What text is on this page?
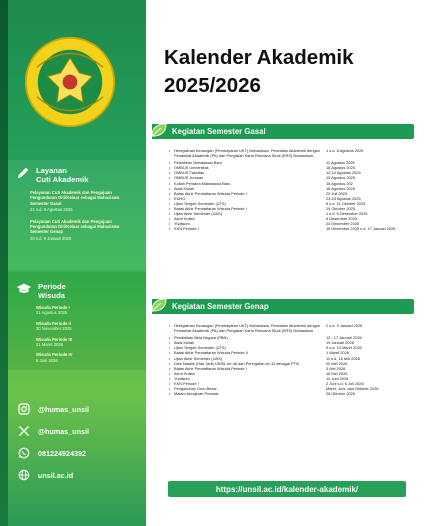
Layanan
Cuti Akademik
Pelayanan Cuti Akademik dan Pengajuan Pengunduran Diri/Keluar sebagai Mahasiswa Semester Gasal
21 s.d. 8 Agustus 2025
Pelayanan Cuti Akademik dan Pengajuan Pengunduran Diri/Keluar sebagai Mahasiswa Semester Genap
20 s.d. 9 Januari 2026
Periode
Wisuda
Wisuda Periode I
21 Agustus 2025
Wisuda Periode II
30 November 2025
Wisuda Periode III
21 Maret 2026
Wisuda Periode IV
6 Juni 2026
@humas_unsil
@humas_unsil
081224924392
unsil.ac.id
Kalender Akademik
2025/2026
Kegiatan Semester Gasal
• Heregistrasi Keuangan (Pembayaran UKT) Mahasiswa, Perwalian Akademik dengan Penasihat Akademik (PA) dan Pengisian Kartu Rencana Studi (KRS) Mahasiswa
1 s.d. 8 Agustus 2025
• Pelantikan Mahasiswa Baru	11 Agustus 2025
• OMBUS Universitas	18 Agustus 2025
• OMBUS Fakultas	12-14 Agustus 2025
• OMBUS Jurusan	15 Agustus 2025
• Kuliah Perdana Mahasiswa Baru	16 Agustus 202
• Awal Kuliah	18 Agustus 2025
• Batas Akhir Pendaftaran Wisuda Periode I	20 Juli 2025
• EDHO	23-24 Agustus 2025
• Ujian Tengah Semester (UTS)	6 s.d. 11 Oktober 2025
• Batas Akhir Pendaftaran Wisuda Periode I	19 Oktober 2025
• Ujian Akhir Semester (UAS)	1 s.d. 6 Desember 2025
• Akhir Kuliah	6 Desember 2025
• Yudisium	24 Desember 2025
• KKN Periode I	18 Desember 2025 s.d. 17 Januari 2026
Kegiatan Semester Genap
• Heregistrasi Keuangan (Pembayaran UKT) Mahasiswa, Perwalian Akademik dengan Penasihat Akademik (PA) dan Pengisian Kartu Rencana Studi (KRS) Mahasiswa
2 s.d. 9 Januari 2026
• Pendidikan Bela Negara (PBN)	12 - 17 Januari 2026
• Awal Kuliah	19 Januari 2026
• Ujian Tengah Semester (UTS)	9 s.d. 14 Maret 2026
• Batas Akhir Pendaftaran Wisuda Periode II	1 Maret 2026
• Ujian Akhir Semester (UAS)	11 s.d. 16 Mei 2026
• Dies Natalis (Hari Jadi) UNSIL ke-48 dan Peringatan ke-13 sebagai PTN	20 Mei 2026
• Batas Akhir Pendaftaran Wisuda Periode I	3 Mei 2026
• Akhir Kuliah	16 Mei 2026
• Yudisium	10 Juni 2026
• KKN Periode I	2 Juni s.d. 6 Juli 2026
• Pengukuhan Guru Besar	Maret, Juni, dan Oktober 2026
• Malam Anugerah Prestasi	28 Oktober 2026
https://unsil.ac.id/kalender-akademik/
